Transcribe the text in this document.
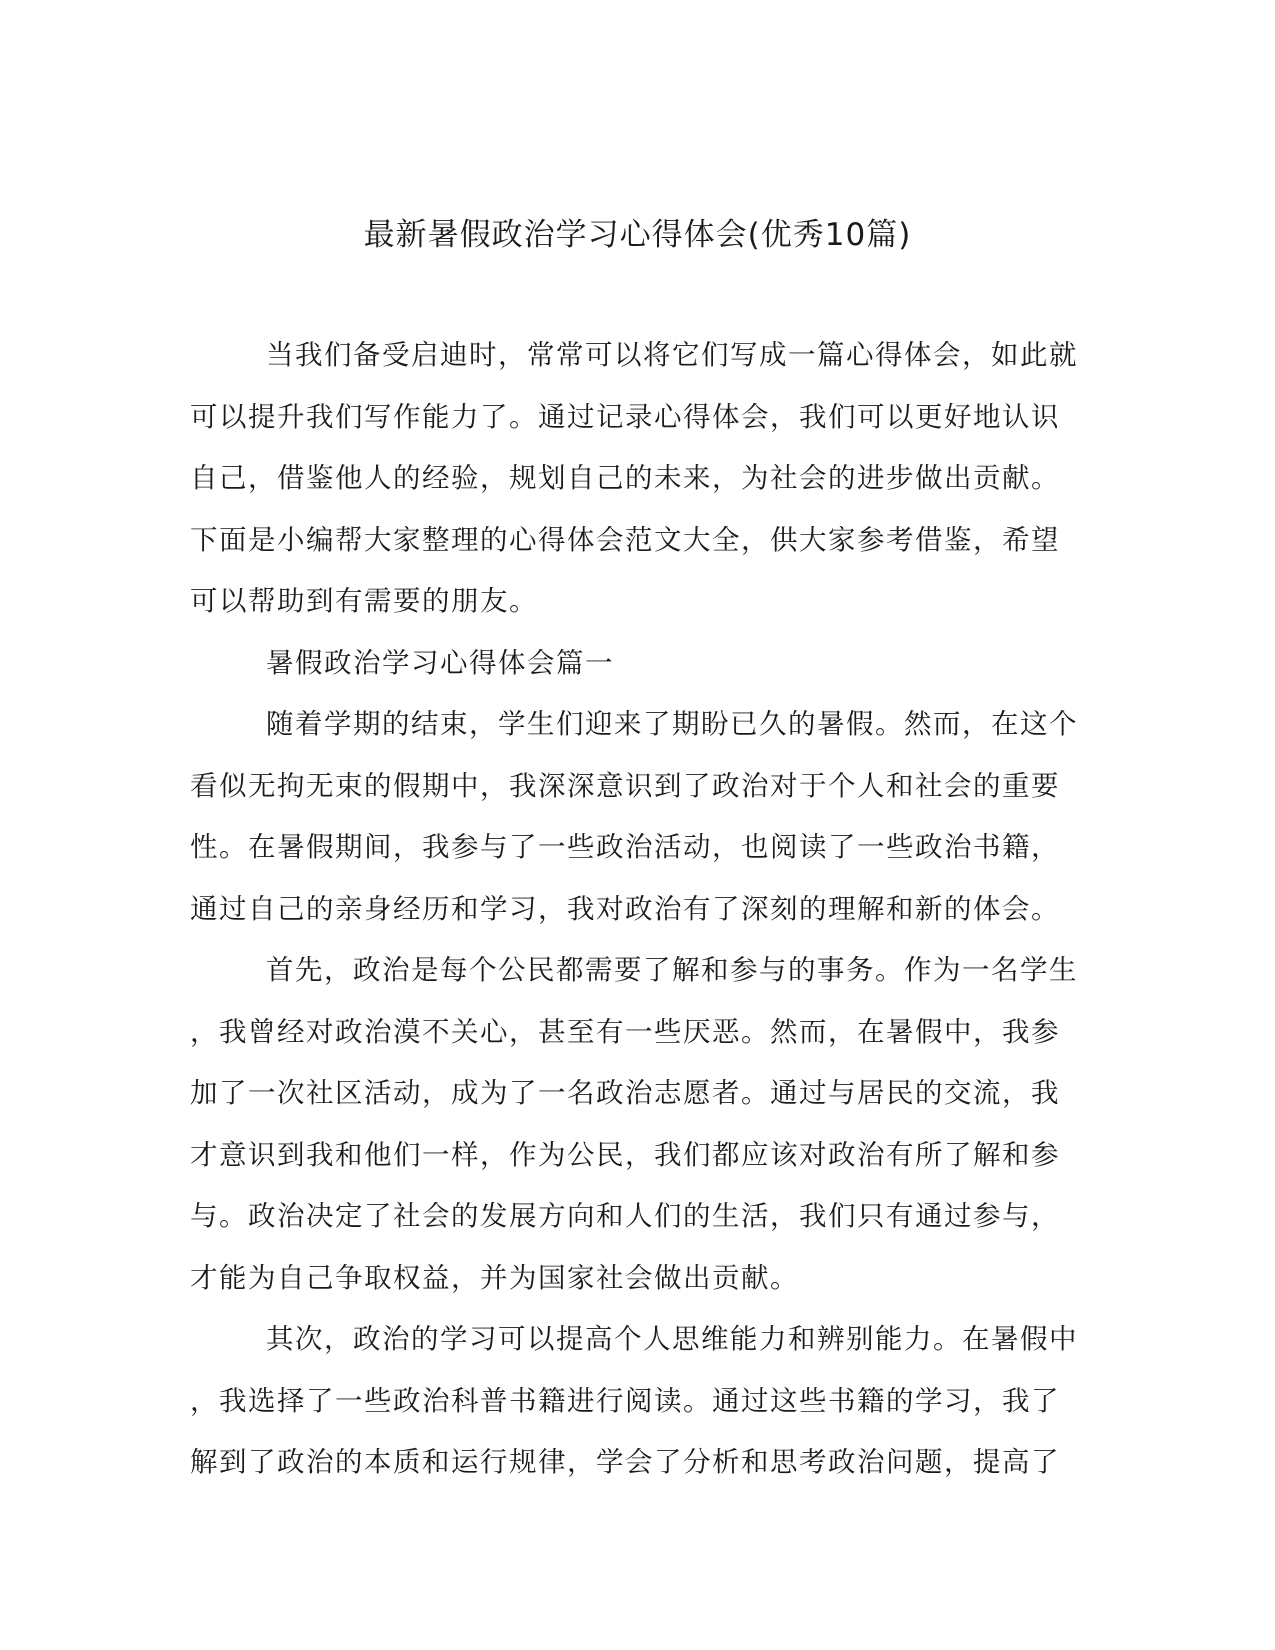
最新暑假政治学习心得体会(优秀10篇)
当我们备受启迪时，常常可以将它们写成一篇心得体会，如此就
可以提升我们写作能力了。通过记录心得体会，我们可以更好地认识
自己，借鉴他人的经验，规划自己的未来，为社会的进步做出贡献。
下面是小编帮大家整理的心得体会范文大全，供大家参考借鉴，希望
可以帮助到有需要的朋友。
暑假政治学习心得体会篇一
随着学期的结束，学生们迎来了期盼已久的暑假。然而，在这个
看似无拘无束的假期中，我深深意识到了政治对于个人和社会的重要
性。在暑假期间，我参与了一些政治活动，也阅读了一些政治书籍，
通过自己的亲身经历和学习，我对政治有了深刻的理解和新的体会。
首先，政治是每个公民都需要了解和参与的事务。作为一名学生
，我曾经对政治漠不关心，甚至有一些厌恶。然而，在暑假中，我参
加了一次社区活动，成为了一名政治志愿者。通过与居民的交流，我
才意识到我和他们一样，作为公民，我们都应该对政治有所了解和参
与。政治决定了社会的发展方向和人们的生活，我们只有通过参与，
才能为自己争取权益，并为国家社会做出贡献。
其次，政治的学习可以提高个人思维能力和辨别能力。在暑假中
，我选择了一些政治科普书籍进行阅读。通过这些书籍的学习，我了
解到了政治的本质和运行规律，学会了分析和思考政治问题，提高了
